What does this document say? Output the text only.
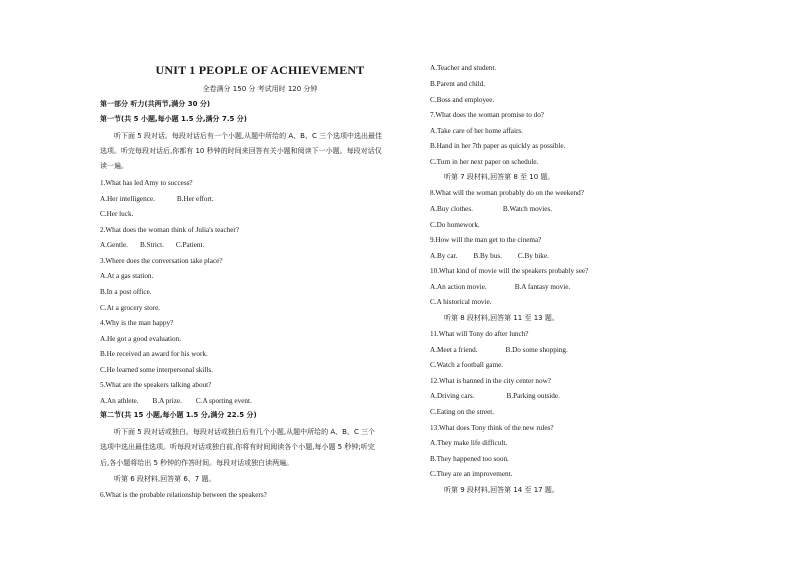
UNIT 1 PEOPLE OF ACHIEVEMENT
全卷满分 150 分 考试用时 120 分钟
第一部分 听力(共两节,满分 30 分)
第一节(共 5 小题,每小题 1.5 分,满分 7.5 分)
听下面 5 段对话。每段对话后有一个小题,从题中所给的 A、B、C 三个选项中选出最佳
选项。听完每段对话后,你都有 10 秒钟的时间来回答有关小题和阅读下一小题。每段对话仅
读一遍。
1.What has led Amy to success?
A.Her intelligence.	B.Her effort.
C.Her luck.
2.What does the woman think of Julia's teacher?
A.Gentle. B.Strict. C.Patient.
3.Where does the conversation take place?
A.At a gas station.
B.In a post office.
C.At a grocery store.
4.Why is the man happy?
A.He got a good evaluation.
B.He received an award for his work.
C.He learned some interpersonal skills.
5.What are the speakers talking about?
A.An athlete. B.A prize. C.A sporting event.
第二节(共 15 小题,每小题 1.5 分,满分 22.5 分)
听下面 5 段对话或独白。每段对话或独白后有几个小题,从题中所给的 A、B、C 三个
选项中选出最佳选项。听每段对话或独白前,你将有时间阅读各个小题,每小题 5 秒钟;听完
后,各小题将给出 5 秒钟的作答时间。每段对话或独白读两遍。
听第 6 段材料,回答第 6、7 题。
6.What is the probable relationship between the speakers?
A.Teacher and student.
B.Parent and child.
C.Boss and employee.
7.What does the woman promise to do?
A.Take care of her home affairs.
B.Hand in her 7th paper as quickly as possible.
C.Turn in her next paper on schedule.
听第 7 段材料,回答第 8 至 10 题。
8.What will the woman probably do on the weekend?
A.Buy clothes.	B.Watch movies.
C.Do homework.
9.How will the man get to the cinema?
A.By car. B.By bus. C.By bike.
10.What kind of movie will the speakers probably see?
A.An action movie.	B.A fantasy movie.
C.A historical movie.
听第 8 段材料,回答第 11 至 13 题。
11.What will Tony do after lunch?
A.Meet a friend.	B.Do some shopping.
C.Watch a football game.
12.What is banned in the city center now?
A.Driving cars.	B.Parking outside.
C.Eating on the street.
13.What does Tony think of the new rules?
A.They make life difficult.
B.They happened too soon.
C.They are an improvement.
听第 9 段材料,回答第 14 至 17 题。
